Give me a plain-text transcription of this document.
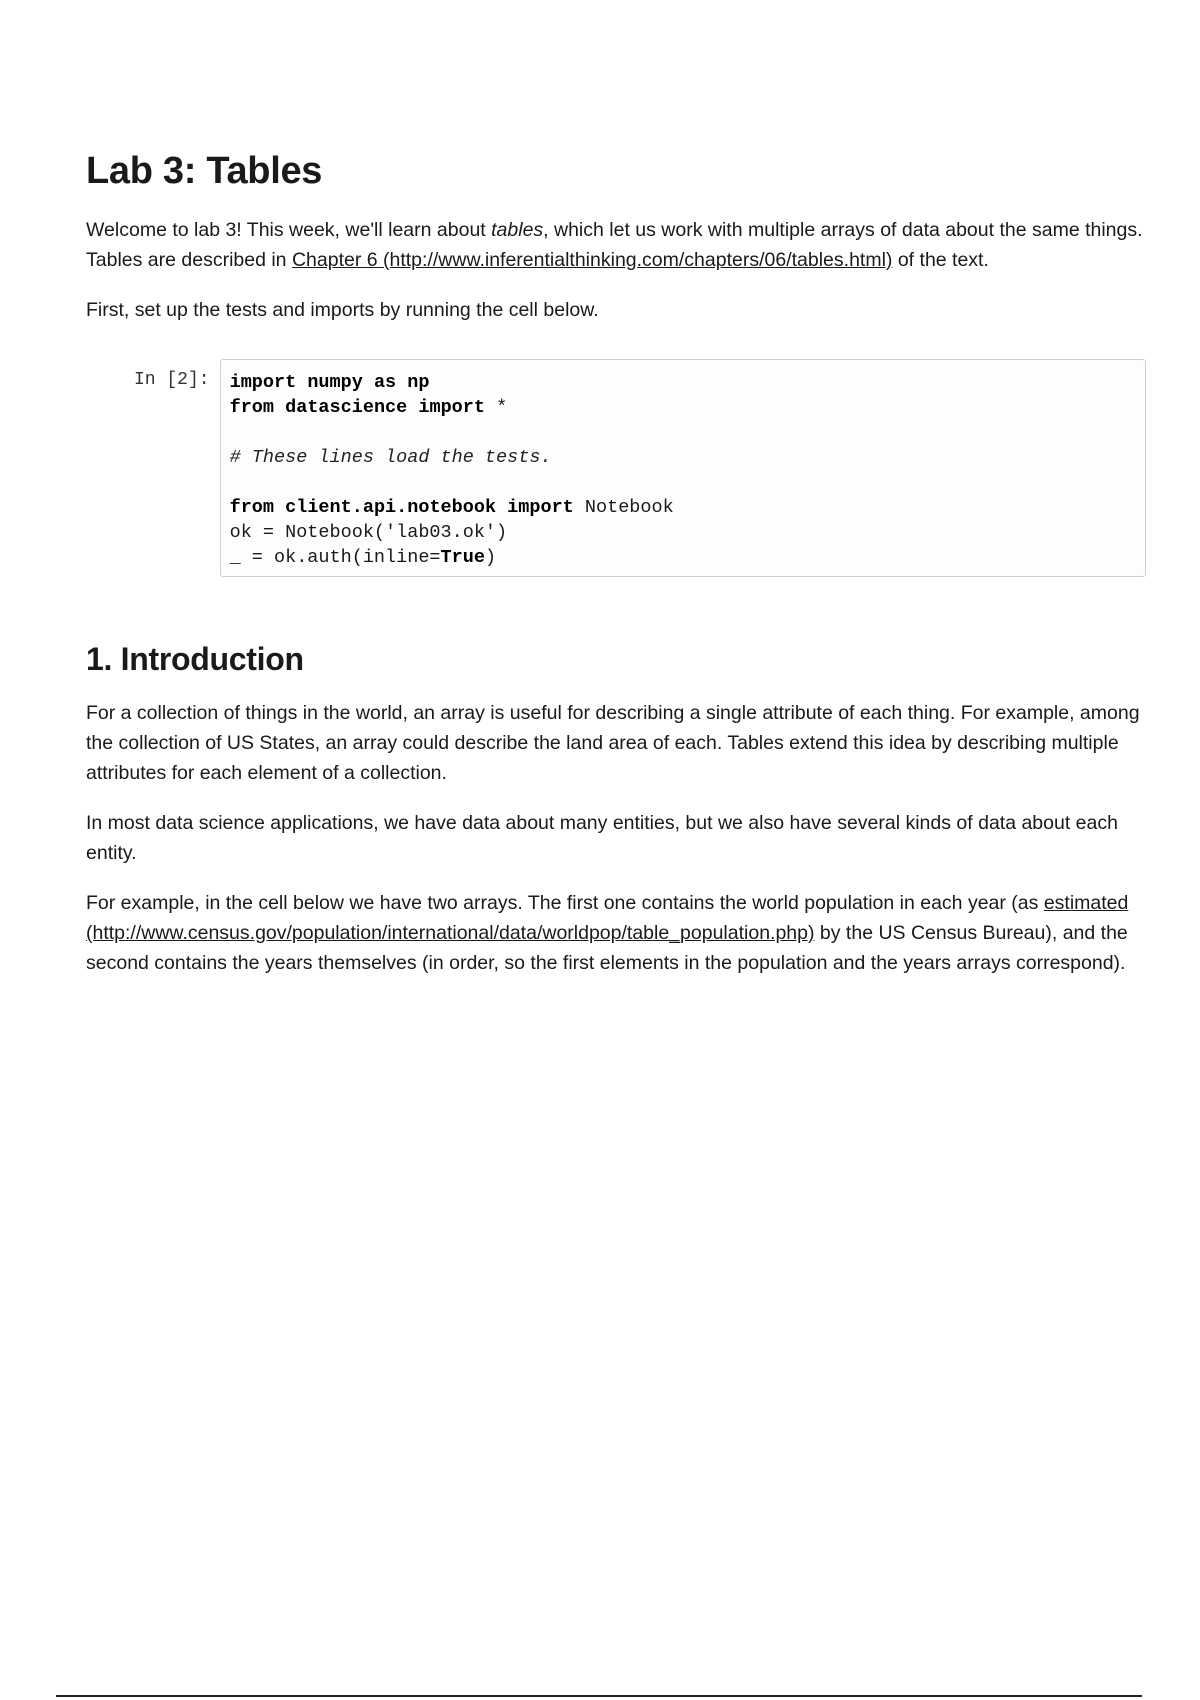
Lab 3: Tables

Welcome to lab 3! This week, we'll learn about tables, which let us work with multiple arrays of data about the same things. Tables are described in Chapter 6 (http://www.inferentialthinking.com/chapters/06/tables.html) of the text.

First, set up the tests and imports by running the cell below.

In [2]:	import numpy as np
from datascience import *
# These lines load the tests.
from client.api.notebook import Notebook
ok = Notebook('lab03.ok')
_ = ok.auth(inline=True)
1. Introduction

For a collection of things in the world, an array is useful for describing a single attribute of each thing. For example, among the collection of US States, an array could describe the land area of each. Tables extend this idea by describing multiple attributes for each element of a collection.

In most data science applications, we have data about many entities, but we also have several kinds of data about each entity.

For example, in the cell below we have two arrays. The first one contains the world population in each year (as estimated (http://www.census.gov/population/international/data/worldpop/table_population.php) by the US Census Bureau), and the second contains the years themselves (in order, so the first elements in the population and the years arrays correspond).
